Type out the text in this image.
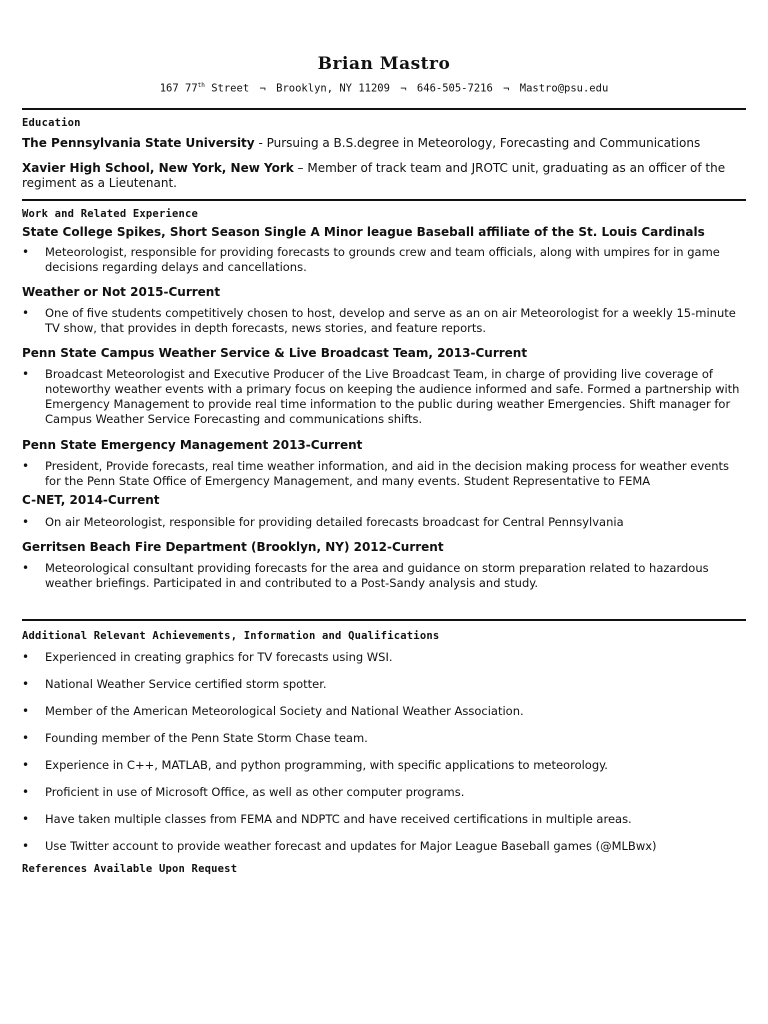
Brian Mastro
167 77th Street ¬ Brooklyn, NY 11209 ¬ 646-505-7216 ¬ Mastro@psu.edu
Education
The Pennsylvania State University - Pursuing a B.S.degree in Meteorology, Forecasting and Communications
Xavier High School, New York, New York – Member of track team and JROTC unit, graduating as an officer of the regiment as a Lieutenant.
Work and Related Experience
State College Spikes, Short Season Single A Minor league Baseball affiliate of the St. Louis Cardinals
• Meteorologist, responsible for providing forecasts to grounds crew and team officials, along with umpires for in game decisions regarding delays and cancellations.
Weather or Not 2015-Current
• One of five students competitively chosen to host, develop and serve as an on air Meteorologist for a weekly 15-minute TV show, that provides in depth forecasts, news stories, and feature reports.
Penn State Campus Weather Service & Live Broadcast Team, 2013-Current
• Broadcast Meteorologist and Executive Producer of the Live Broadcast Team, in charge of providing live coverage of noteworthy weather events with a primary focus on keeping the audience informed and safe. Formed a partnership with Emergency Management to provide real time information to the public during weather Emergencies. Shift manager for Campus Weather Service Forecasting and communications shifts.
Penn State Emergency Management 2013-Current
• President, Provide forecasts, real time weather information, and aid in the decision making process for weather events for the Penn State Office of Emergency Management, and many events. Student Representative to FEMA
C-NET, 2014-Current
• On air Meteorologist, responsible for providing detailed forecasts broadcast for Central Pennsylvania
Gerritsen Beach Fire Department (Brooklyn, NY) 2012-Current
• Meteorological consultant providing forecasts for the area and guidance on storm preparation related to hazardous weather briefings. Participated in and contributed to a Post-Sandy analysis and study.
Additional Relevant Achievements, Information and Qualifications
• Experienced in creating graphics for TV forecasts using WSI.
• National Weather Service certified storm spotter.
• Member of the American Meteorological Society and National Weather Association.
• Founding member of the Penn State Storm Chase team.
• Experience in C++, MATLAB, and python programming, with specific applications to meteorology.
• Proficient in use of Microsoft Office, as well as other computer programs.
• Have taken multiple classes from FEMA and NDPTC and have received certifications in multiple areas.
• Use Twitter account to provide weather forecast and updates for Major League Baseball games (@MLBwx)
References Available Upon Request
